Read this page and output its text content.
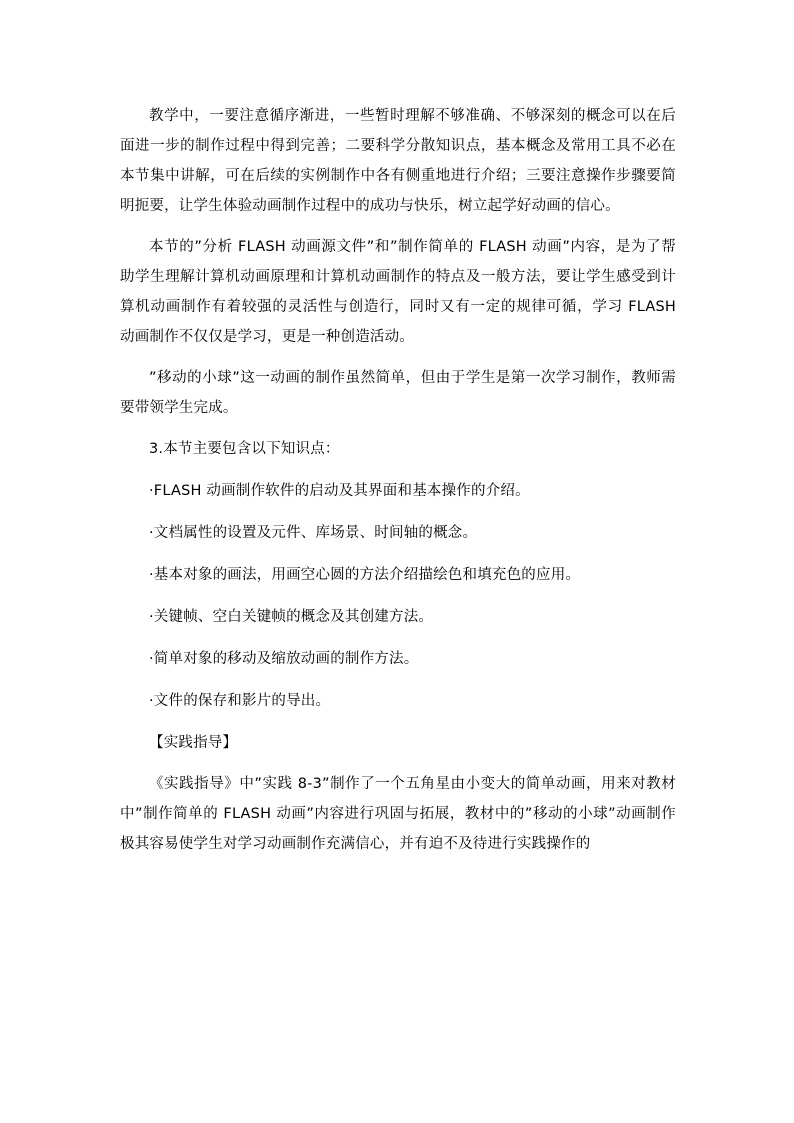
教学中，一要注意循序渐进，一些暂时理解不够准确、不够深刻的概念可以在后面进一步的制作过程中得到完善；二要科学分散知识点，基本概念及常用工具不必在本节集中讲解，可在后续的实例制作中各有侧重地进行介绍；三要注意操作步骤要简明扼要，让学生体验动画制作过程中的成功与快乐，树立起学好动画的信心。

本节的”分析 FLASH 动画源文件”和”制作简单的 FLASH 动画”内容，是为了帮助学生理解计算机动画原理和计算机动画制作的特点及一般方法，要让学生感受到计算机动画制作有着较强的灵活性与创造行，同时又有一定的规律可循，学习 FLASH 动画制作不仅仅是学习，更是一种创造活动。

”移动的小球”这一动画的制作虽然简单，但由于学生是第一次学习制作，教师需要带领学生完成。

3.本节主要包含以下知识点：

·FLASH 动画制作软件的启动及其界面和基本操作的介绍。

·文档属性的设置及元件、库场景、时间轴的概念。

·基本对象的画法，用画空心圆的方法介绍描绘色和填充色的应用。

·关键帧、空白关键帧的概念及其创建方法。

·简单对象的移动及缩放动画的制作方法。

·文件的保存和影片的导出。

【实践指导】

《实践指导》中”实践 8-3”制作了一个五角星由小变大的简单动画，用来对教材中”制作简单的 FLASH 动画”内容进行巩固与拓展，教材中的”移动的小球”动画制作极其容易使学生对学习动画制作充满信心，并有迫不及待进行实践操作的
